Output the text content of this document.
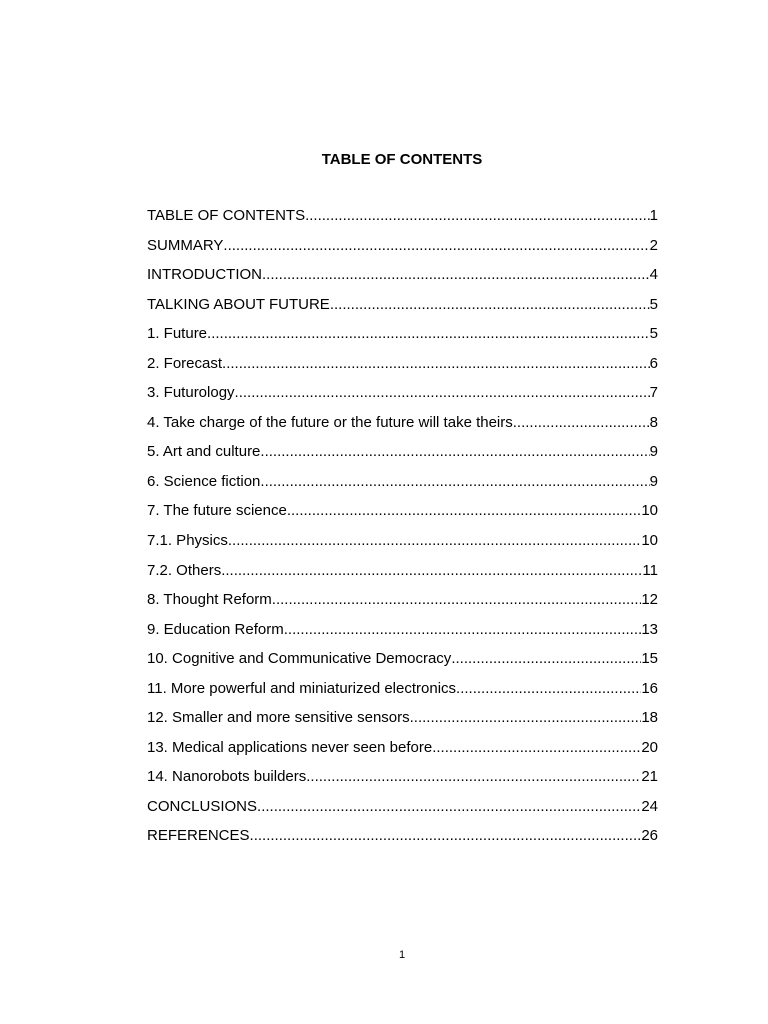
TABLE OF CONTENTS
TABLE OF CONTENTS .....	1
SUMMARY .....	2
INTRODUCTION .....	4
TALKING ABOUT FUTURE .....	5
1. Future .....	5
2. Forecast .....	6
3. Futurology .....	7
4. Take charge of the future or the future will take theirs .....	8
5. Art and culture .....	9
6. Science fiction .....	9
7. The future science .....	10
7.1. Physics .....	10
7.2. Others .....	11
8. Thought Reform .....	12
9. Education Reform .....	13
10. Cognitive and Communicative Democracy .....	15
11. More powerful and miniaturized electronics .....	16
12. Smaller and more sensitive sensors .....	18
13. Medical applications never seen before .....	20
14. Nanorobots builders .....	21
CONCLUSIONS .....	24
REFERENCES .....	26
1
